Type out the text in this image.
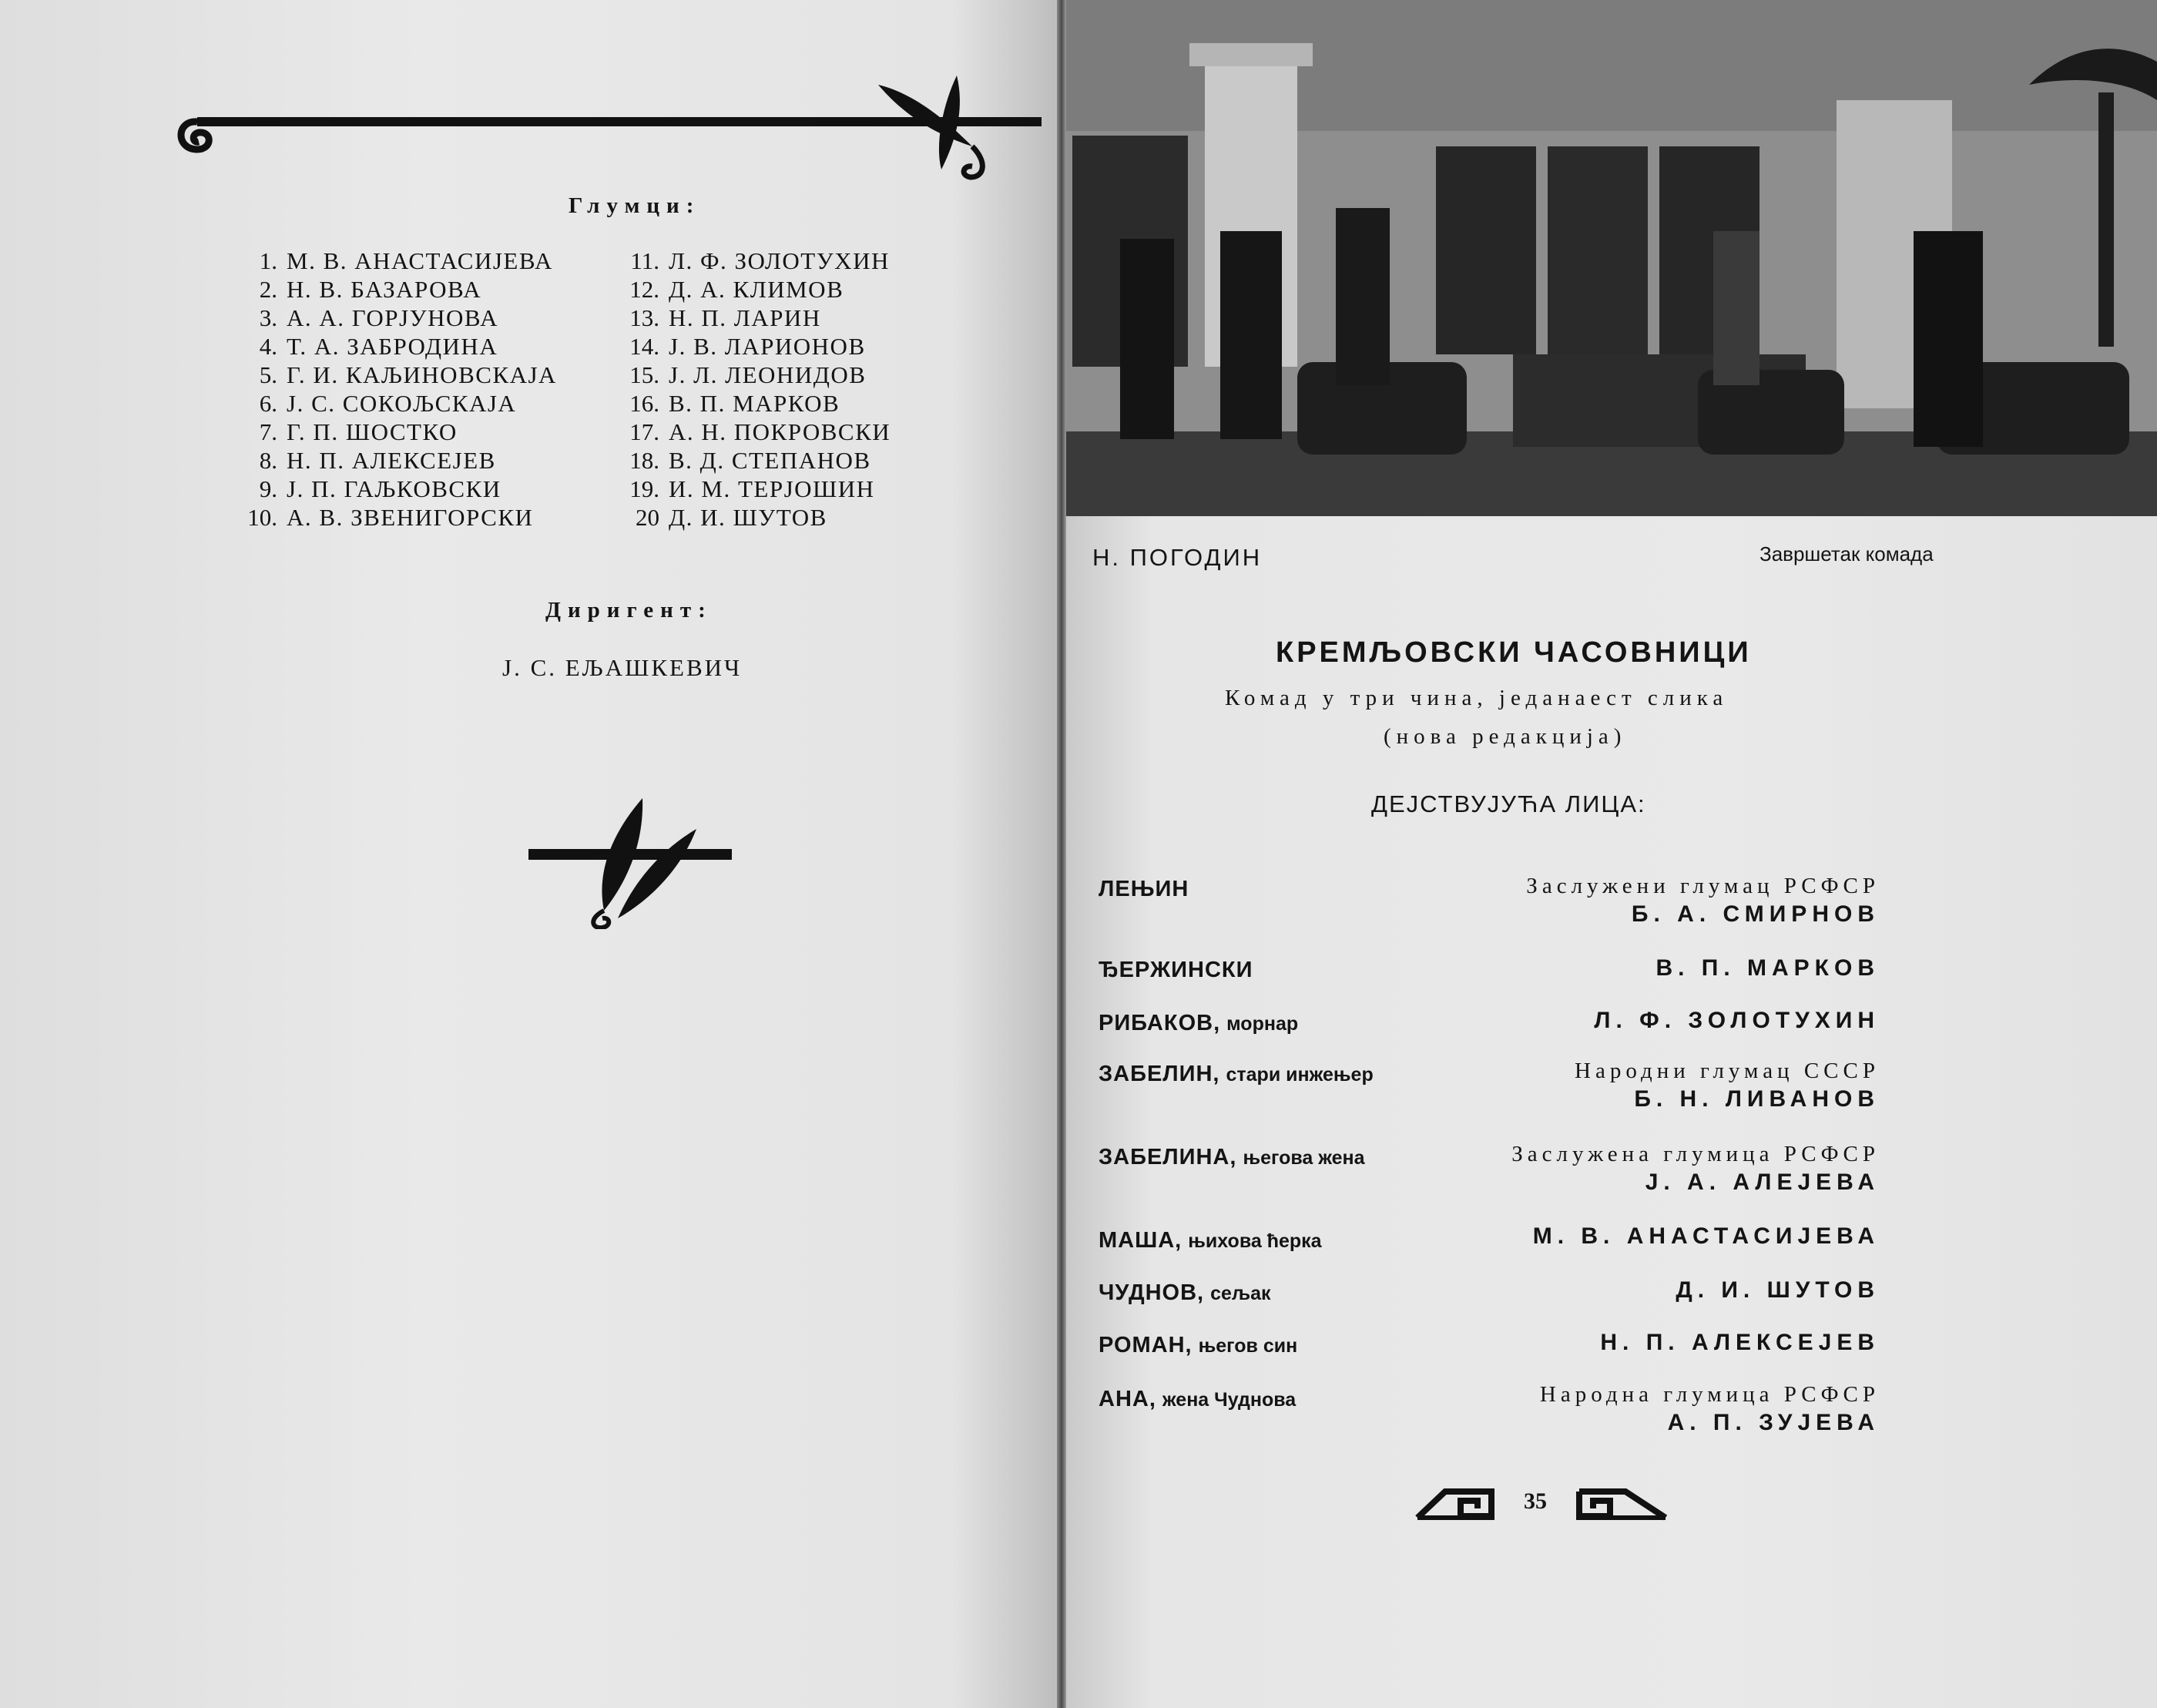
Глумци:
1. М. В. АНАСТАСИЈЕВА
2. Н. В. БАЗАРОВА
3. А. А. ГОРЈУНОВА
4. Т. А. ЗАБРОДИНА
5. Г. И. КАЉИНОВСКАЈА
6. Ј. С. СОКОЉСКАЈА
7. Г. П. ШОСТКО
8. Н. П. АЛЕКСЕЈЕВ
9. Ј. П. ГАЉКОВСКИ
10. А. В. ЗВЕНИГОРСКИ
11. Л. Ф. ЗОЛОТУХИН
12. Д. А. КЛИМОВ
13. Н. П. ЛАРИН
14. Ј. В. ЛАРИОНОВ
15. Ј. Л. ЛЕОНИДОВ
16. В. П. МАРКОВ
17. А. Н. ПОКРОВСКИ
18. В. Д. СТЕПАНОВ
19. И. М. ТЕРЈОШИН
20 Д. И. ШУТОВ
Диригент:
Ј. С. ЕЉАШКЕВИЧ
Н. ПОГОДИН	Завршетак комада
КРЕМЉОВСКИ ЧАСОВНИЦИ
Комад у три чина, једанаест слика
(нова редакција)
ДЕЈСТВУЈУЋА ЛИЦА:
ЛЕЊИН	Заслужени глумац РСФСР
Б. А. СМИРНОВ
ЂЕРЖИНСКИ	В. П. МАРКОВ
РИБАКОВ, морнар	Л. Ф. ЗОЛОТУХИН
ЗАБЕЛИН, стари инжењер	Народни глумац СССР
Б. Н. ЛИВАНОВ
ЗАБЕЛИНА, његова жена	Заслужена глумица РСФСР
Ј. А. АЛЕЈЕВА
МАША, њихова ћерка	М. В. АНАСТАСИЈЕВА
ЧУДНОВ, сељак	Д. И. ШУТОВ
РОМАН, његов син	Н. П. АЛЕКСЕЈЕВ
АНА, жена Чуднова	Народна глумица РСФСР
А. П. ЗУЈЕВА
35
